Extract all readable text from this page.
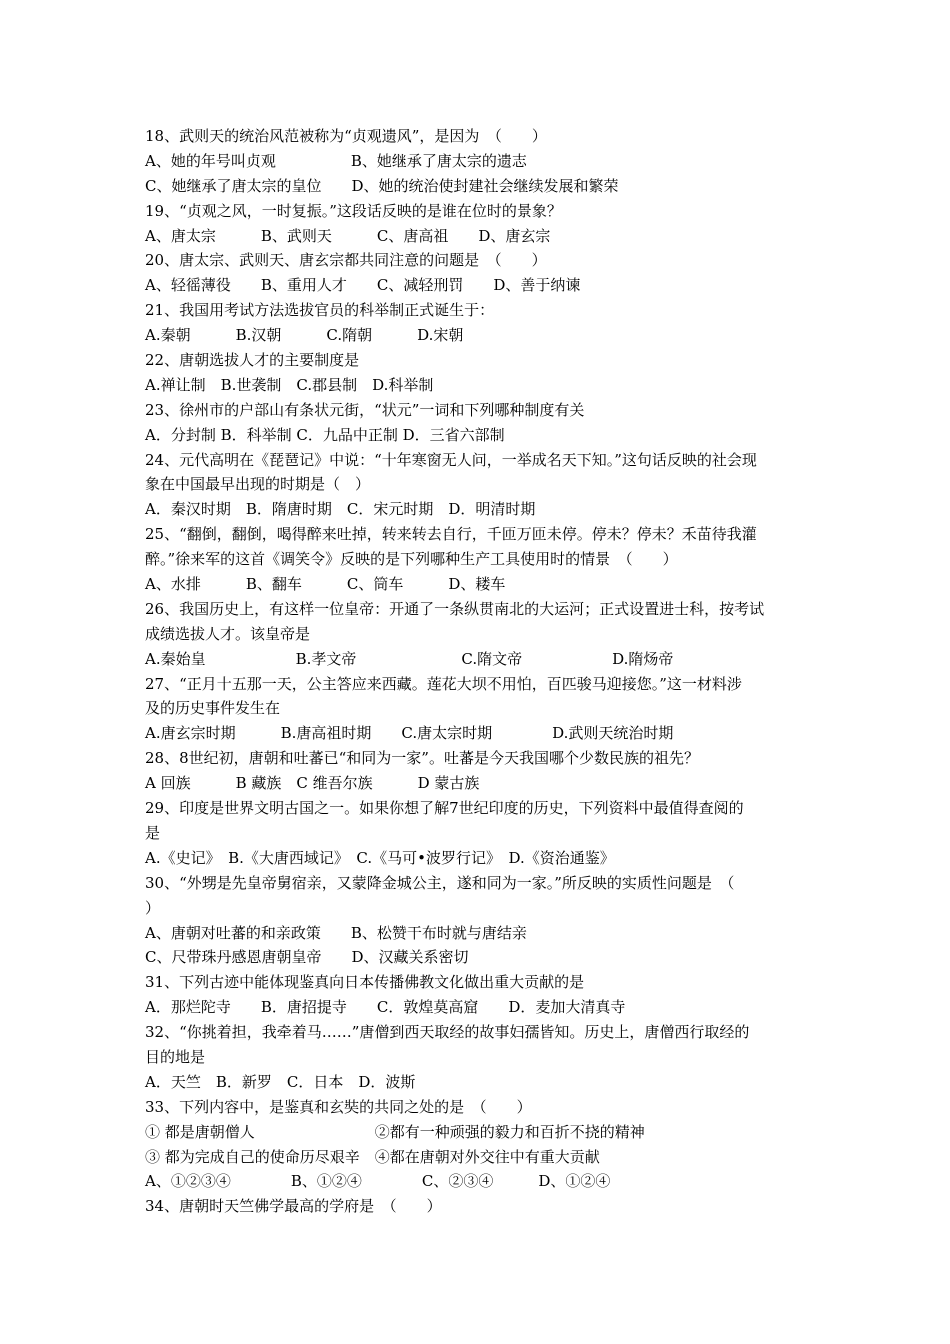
18、武则天的统治风范被称为“贞观遗风”，是因为　（　　）
A、她的年号叫贞观　　　　　B、她继承了唐太宗的遗志
C、她继承了唐太宗的皇位　　D、她的统治使封建社会继续发展和繁荣
19、“贞观之风，一时复振。”这段话反映的是谁在位时的景象？
A、唐太宗　　　B、武则天　　　C、唐高祖　　D、唐玄宗
20、唐太宗、武则天、唐玄宗都共同注意的问题是　（　　）
A、轻徭薄役　　B、重用人才　　C、减轻刑罚　　D、善于纳谏
21、我国用考试方法选拔官员的科举制正式诞生于：
A.秦朝　　　B.汉朝　　　C.隋朝　　　D.宋朝
22、唐朝选拔人才的主要制度是
A.禅让制　B.世袭制　C.郡县制　D.科举制
23、徐州市的户部山有条状元街，“状元”一词和下列哪种制度有关
A．分封制 B．科举制 C．九品中正制 D．三省六部制
24、元代高明在《琵琶记》中说：“十年寒窗无人问，一举成名天下知。”这句话反映的社会现
象在中国最早出现的时期是（　）
A．秦汉时期　B．隋唐时期　C．宋元时期　D．明清时期
25、“翻倒，翻倒，喝得醉来吐掉，转来转去自行，千匝万匝未停。停未？停未？禾苗待我灌
醉。”徐来军的这首《调笑令》反映的是下列哪种生产工具使用时的情景　（　　）
A、水排　　　B、翻车　　　C、筒车　　　D、耧车
26、我国历史上，有这样一位皇帝：开通了一条纵贯南北的大运河；正式设置进士科，按考试
成绩选拔人才。该皇帝是
A.秦始皇　　　　　　B.孝文帝　　　　　　　C.隋文帝　　　　　　D.隋炀帝
27、“正月十五那一天，公主答应来西藏。莲花大坝不用怕，百匹骏马迎接您。”这一材料涉
及的历史事件发生在
A.唐玄宗时期　　　B.唐高祖时期　　C.唐太宗时期　　　　D.武则天统治时期
28、8世纪初，唐朝和吐蕃已“和同为一家”。吐蕃是今天我国哪个少数民族的祖先？
A 回族　　　B 藏族　C 维吾尔族　　　D 蒙古族
29、印度是世界文明古国之一。如果你想了解7世纪印度的历史，下列资料中最值得查阅的
是
A.《史记》　B.《大唐西域记》　C.《马可•波罗行记》　D.《资治通鉴》
30、“外甥是先皇帝舅宿亲，又蒙降金城公主，遂和同为一家。”所反映的实质性问题是　（
）
A、唐朝对吐蕃的和亲政策　　B、松赞干布时就与唐结亲
C、尺带珠丹感恩唐朝皇帝　　D、汉藏关系密切
31、下列古迹中能体现鉴真向日本传播佛教文化做出重大贡献的是
A．那烂陀寺　　B．唐招提寺　　C．敦煌莫高窟　　D．麦加大清真寺
32、“你挑着担，我牵着马……”唐僧到西天取经的故事妇孺皆知。历史上，唐僧西行取经的
目的地是
A．天竺　B．新罗　C．日本　D．波斯
33、下列内容中，是鉴真和玄奘的共同之处的是　（　　）
① 都是唐朝僧人　　　　　　　　②都有一种顽强的毅力和百折不挠的精神
③ 都为完成自己的使命历尽艰辛　④都在唐朝对外交往中有重大贡献
A、①②③④　　　　B、①②④　　　　C、②③④　　　D、①②④
34、唐朝时天竺佛学最高的学府是　（　　）
